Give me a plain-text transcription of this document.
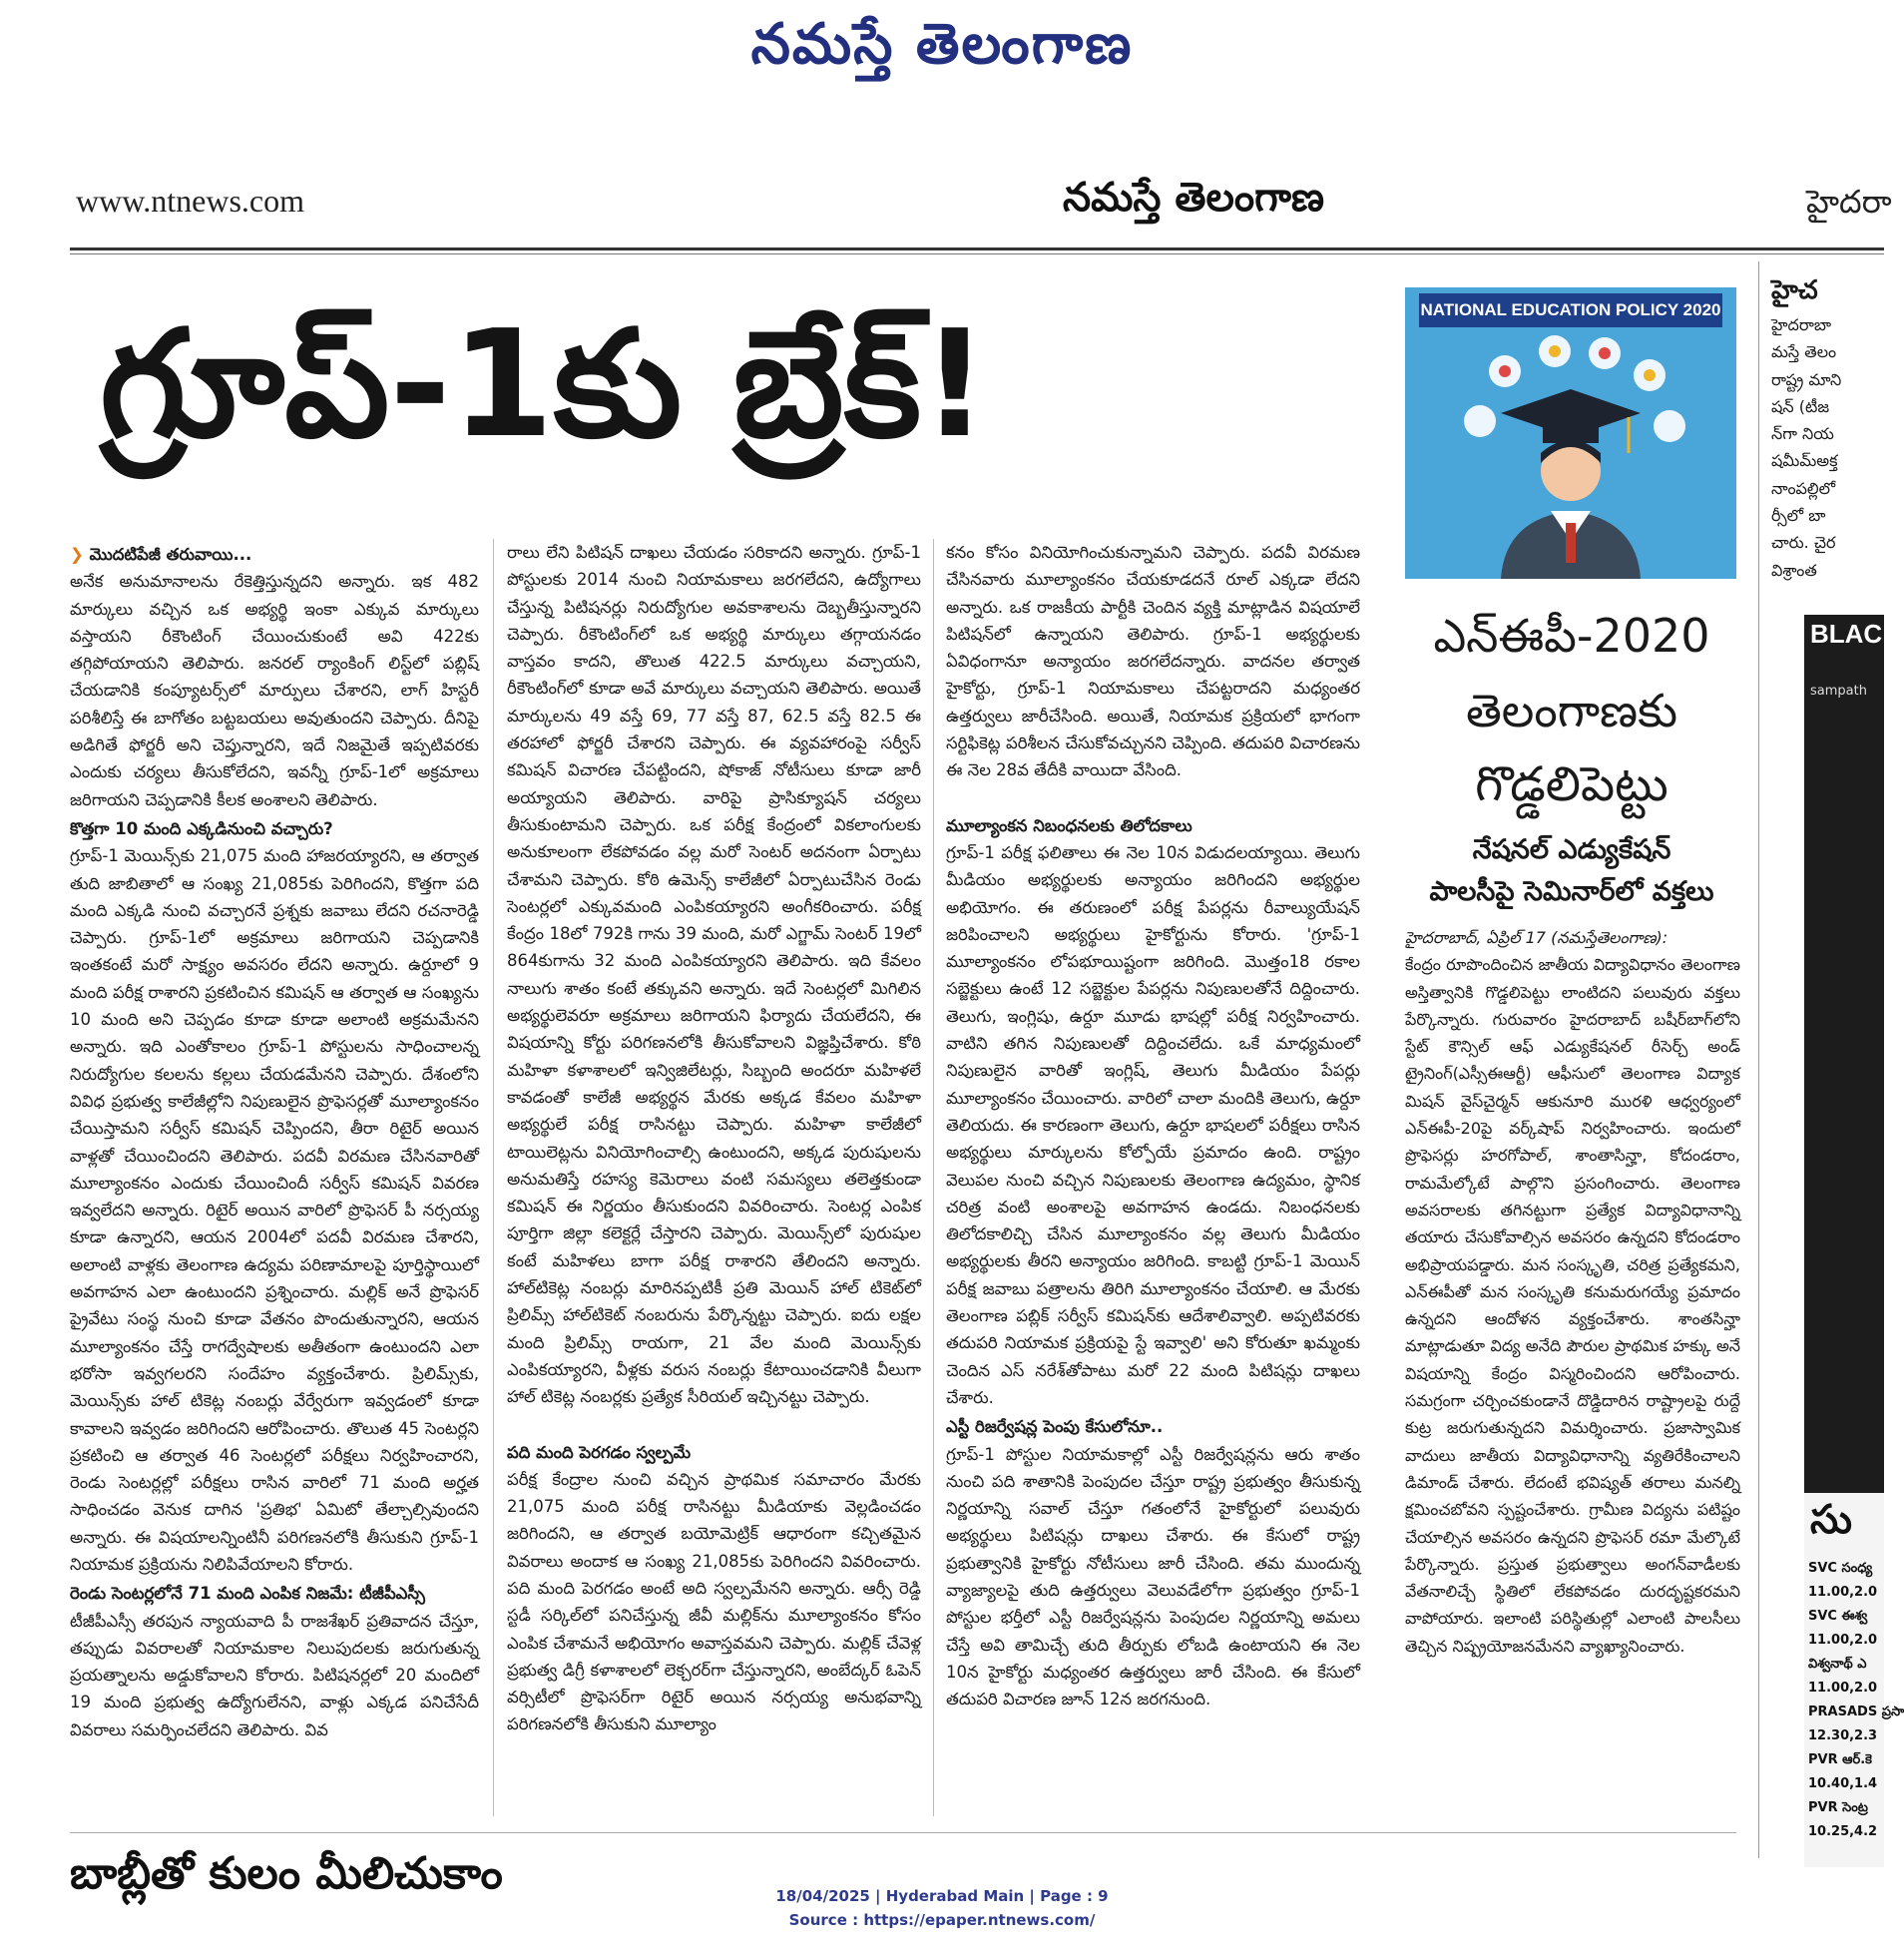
నమస్తే తెలంగాణ
www.ntnews.com	నమస్తే తెలంగాణ	హైదరా
గ్రూప్-1కు బ్రేక్!	NATIONAL EDUCATION POLICY 2020
ఎన్‌ఈపీ-2020
తెలంగాణకు
గొడ్డలిపెట్టు
నేషనల్ ఎడ్యుకేషన్
పాలసీపై సెమినార్‌లో వక్తలు

❯ మొదటిపేజీ తరువాయి...

అనేక అనుమానాలను రేకెత్తిస్తున్నదని అన్నారు. ఇక 482 మార్కులు వచ్చిన ఒక అభ్యర్థి ఇంకా ఎక్కువ మార్కులు వస్తాయని రీకౌంటింగ్ చేయించుకుంటే అవి 422కు తగ్గిపోయాయని తెలిపారు. జనరల్ ర్యాంకింగ్ లిస్ట్‌లో పబ్లిష్ చేయడానికి కంప్యూటర్స్‌లో మార్పులు చేశారని, లాగ్ హిస్టరీ పరిశీలిస్తే ఈ బాగోతం బట్టబయలు అవుతుందని చెప్పారు. దీనిపై అడిగితే ఫోర్జరీ అని చెప్తున్నారని, ఇదే నిజమైతే ఇప్పటివరకు ఎందుకు చర్యలు తీసుకోలేదని, ఇవన్నీ గ్రూప్-1లో అక్రమాలు జరిగాయని చెప్పడానికి కీలక అంశాలని తెలిపారు.

కొత్తగా 10 మంది ఎక్కడినుంచి వచ్చారు?

గ్రూప్-1 మెయిన్స్‌కు 21,075 మంది హాజరయ్యారని, ఆ తర్వాత తుది జాబితాలో ఆ సంఖ్య 21,085కు పెరిగిందని, కొత్తగా పది మంది ఎక్కడి నుంచి వచ్చారనే ప్రశ్నకు జవాబు లేదని రచనారెడ్డి చెప్పారు. గ్రూప్-1లో అక్రమాలు జరిగాయని చెప్పడానికి ఇంతకంటే మరో సాక్ష్యం అవసరం లేదని అన్నారు. ఉర్దూలో 9 మంది పరీక్ష రాశారని ప్రకటించిన కమిషన్ ఆ తర్వాత ఆ సంఖ్యను 10 మంది అని చెప్పడం కూడా కూడా అలాంటి అక్రమమేనని అన్నారు. ఇది ఎంతోకాలం గ్రూప్-1 పోస్టులను సాధించాలన్న నిరుద్యోగుల కలలను కల్లలు చేయడమేనని చెప్పారు. దేశంలోని వివిధ ప్రభుత్వ కాలేజీల్లోని నిపుణులైన ప్రొఫెసర్లతో మూల్యాంకనం చేయిస్తామని సర్వీస్ కమిషన్ చెప్పిందని, తీరా రిటైర్ అయిన వాళ్లతో చేయించిందని తెలిపారు. పదవీ విరమణ చేసినవారితో మూల్యాంకనం ఎందుకు చేయించిందీ సర్వీస్ కమిషన్ వివరణ ఇవ్వలేదని అన్నారు. రిటైర్ అయిన వారిలో ప్రొఫెసర్ పీ నర్సయ్య కూడా ఉన్నారని, ఆయన 2004లో పదవీ విరమణ చేశారని, అలాంటి వాళ్లకు తెలంగాణ ఉద్యమ పరిణామాలపై పూర్తిస్థాయిలో అవగాహన ఎలా ఉంటుందని ప్రశ్నించారు. మల్లిక్ అనే ప్రొఫెసర్ ప్రైవేటు సంస్థ నుంచి కూడా వేతనం పొందుతున్నారని, ఆయన మూల్యాంకనం చేస్తే రాగద్వేషాలకు అతీతంగా ఉంటుందని ఎలా భరోసా ఇవ్వగలరని సందేహం వ్యక్తంచేశారు. ప్రిలిమ్స్‌కు, మెయిన్స్‌కు హాల్ టికెట్ల నంబర్లు వేర్వేరుగా ఇవ్వడంలో కూడా కావాలని ఇవ్వడం జరిగిందని ఆరోపించారు. తొలుత 45 సెంటర్లని ప్రకటించి ఆ తర్వాత 46 సెంటర్లలో పరీక్షలు నిర్వహించారని, రెండు సెంటర్లల్లో పరీక్షలు రాసిన వారిలో 71 మంది అర్హత సాధించడం వెనుక దాగిన 'ప్రతిభ' ఏమిటో తేల్చాల్సివుందని అన్నారు. ఈ విషయాలన్నింటినీ పరిగణనలోకి తీసుకుని గ్రూప్-1 నియామక ప్రక్రియను నిలిపివేయాలని కోరారు.

రెండు సెంటర్లలోనే 71 మంది ఎంపిక నిజమే: టీజీపీఎస్సీ

టీజీపీఎస్సీ తరపున న్యాయవాది పీ రాజశేఖర్ ప్రతివాదన చేస్తూ, తప్పుడు వివరాలతో నియామకాల నిలుపుదలకు జరుగుతున్న ప్రయత్నాలను అడ్డుకోవాలని కోరారు. పిటిషనర్లలో 20 మందిలో 19 మంది ప్రభుత్వ ఉద్యోగులేనని, వాళ్లు ఎక్కడ పనిచేసేదీ వివరాలు సమర్పించలేదని తెలిపారు. వివ

రాలు లేని పిటిషన్ దాఖలు చేయడం సరికాదని అన్నారు. గ్రూప్-1 పోస్టులకు 2014 నుంచి నియామకాలు జరగలేదని, ఉద్యోగాలు చేస్తున్న పిటిషనర్లు నిరుద్యోగుల అవకాశాలను దెబ్బతీస్తున్నారని చెప్పారు. రీకౌంటింగ్‌లో ఒక అభ్యర్థి మార్కులు తగ్గాయనడం వాస్తవం కాదని, తొలుత 422.5 మార్కులు వచ్చాయని, రీకౌంటింగ్‌లో కూడా అవే మార్కులు వచ్చాయని తెలిపారు. అయితే మార్కులను 49 వస్తే 69, 77 వస్తే 87, 62.5 వస్తే 82.5 ఈ తరహాలో ఫోర్జరీ చేశారని చెప్పారు. ఈ వ్యవహారంపై సర్వీస్ కమిషన్ విచారణ చేపట్టిందని, షోకాజ్ నోటీసులు కూడా జారీ అయ్యాయని తెలిపారు. వారిపై ప్రాసిక్యూషన్ చర్యలు తీసుకుంటామని చెప్పారు. ఒక పరీక్ష కేంద్రంలో వికలాంగులకు అనుకూలంగా లేకపోవడం వల్ల మరో సెంటర్ అదనంగా ఏర్పాటు చేశామని చెప్పారు. కోఠి ఉమెన్స్ కాలేజీలో ఏర్పాటుచేసిన రెండు సెంటర్లలో ఎక్కువమంది ఎంపికయ్యారని అంగీకరించారు. పరీక్ష కేంద్రం 18లో 792కి గాను 39 మంది, మరో ఎగ్జామ్ సెంటర్ 19లో 864కుగాను 32 మంది ఎంపికయ్యారని తెలిపారు. ఇది కేవలం నాలుగు శాతం కంటే తక్కువని అన్నారు. ఇదే సెంటర్లలో మిగిలిన అభ్యర్థులెవరూ అక్రమాలు జరిగాయని ఫిర్యాదు చేయలేదని, ఈ విషయాన్ని కోర్టు పరిగణనలోకి తీసుకోవాలని విజ్ఞప్తిచేశారు. కోఠి మహిళా కళాశాలలో ఇన్విజిలేటర్లు, సిబ్బంది అందరూ మహిళలే కావడంతో కాలేజీ అభ్యర్థన మేరకు అక్కడ కేవలం మహిళా అభ్యర్థులే పరీక్ష రాసినట్టు చెప్పారు. మహిళా కాలేజీలో టాయిలెట్లను వినియోగించాల్సి ఉంటుందని, అక్కడ పురుషులను అనుమతిస్తే రహస్య కెమెరాలు వంటి సమస్యలు తలెత్తకుండా కమిషన్ ఈ నిర్ణయం తీసుకుందని వివరించారు. సెంటర్ల ఎంపిక పూర్తిగా జిల్లా కలెక్టర్లే చేస్తారని చెప్పారు. మెయిన్స్‌లో పురుషుల కంటే మహిళలు బాగా పరీక్ష రాశారని తేలిందని అన్నారు. హాల్‌టికెట్ల నంబర్లు మారినప్పటికీ ప్రతి మెయిన్ హాల్ టికెట్‌లో ప్రిలిమ్స్ హాల్‌టికెట్ నంబరును పేర్కొన్నట్టు చెప్పారు. ఐదు లక్షల మంది ప్రిలిమ్స్ రాయగా, 21 వేల మంది మెయిన్స్‌కు ఎంపికయ్యారని, వీళ్లకు వరుస నంబర్లు కేటాయించడానికి వీలుగా హాల్ టికెట్ల నంబర్లకు ప్రత్యేక సీరియల్ ఇచ్చినట్టు చెప్పారు.

పది మంది పెరగడం స్వల్పమే

పరీక్ష కేంద్రాల నుంచి వచ్చిన ప్రాథమిక సమాచారం మేరకు 21,075 మంది పరీక్ష రాసినట్టు మీడియాకు వెల్లడించడం జరిగిందని, ఆ తర్వాత బయోమెట్రిక్ ఆధారంగా కచ్చితమైన వివరాలు అందాక ఆ సంఖ్య 21,085కు పెరిగిందని వివరించారు. పది మంది పెరగడం అంటే అది స్వల్పమేనని అన్నారు. ఆర్సీ రెడ్డి స్టడీ సర్కిల్‌లో పనిచేస్తున్న జీవీ మల్లిక్‌ను మూల్యాంకనం కోసం ఎంపిక చేశామనే అభియోగం అవాస్తవమని చెప్పారు. మల్లిక్ చేవెళ్ల ప్రభుత్వ డిగ్రీ కళాశాలలో లెక్చరర్‌గా చేస్తున్నారని, అంబేద్కర్ ఓపెన్ వర్సిటీలో ప్రొఫెసర్‌గా రిటైర్ అయిన నర్సయ్య అనుభవాన్ని పరిగణనలోకి తీసుకుని మూల్యాం

కనం కోసం వినియోగించుకున్నామని చెప్పారు. పదవీ విరమణ చేసినవారు మూల్యాంకనం చేయకూడదనే రూల్ ఎక్కడా లేదని అన్నారు. ఒక రాజకీయ పార్టీకి చెందిన వ్యక్తి మాట్లాడిన విషయాలే పిటిషన్‌లో ఉన్నాయని తెలిపారు. గ్రూప్-1 అభ్యర్థులకు ఏవిధంగానూ అన్యాయం జరగలేదన్నారు. వాదనల తర్వాత హైకోర్టు, గ్రూప్-1 నియామకాలు చేపట్టరాదని మధ్యంతర ఉత్తర్వులు జారీచేసింది. అయితే, నియామక ప్రక్రియలో భాగంగా సర్టిఫికెట్ల పరిశీలన చేసుకోవచ్చునని చెప్పింది. తదుపరి విచారణను ఈ నెల 28వ తేదీకి వాయిదా వేసింది.

మూల్యాంకన నిబంధనలకు తిలోదకాలు

గ్రూప్-1 పరీక్ష ఫలితాలు ఈ నెల 10న విడుదలయ్యాయి. తెలుగు మీడియం అభ్యర్థులకు అన్యాయం జరిగిందని అభ్యర్థుల అభియోగం. ఈ తరుణంలో పరీక్ష పేపర్లను రీవాల్యుయేషన్ జరిపించాలని అభ్యర్థులు హైకోర్టును కోరారు. 'గ్రూప్-1 మూల్యాంకనం లోపభూయిష్టంగా జరిగింది. మొత్తం18 రకాల సబ్జెక్టులు ఉంటే 12 సబ్జెక్టుల పేపర్లను నిపుణులతోనే దిద్దించారు. తెలుగు, ఇంగ్లిషు, ఉర్దూ మూడు భాషల్లో పరీక్ష నిర్వహించారు. వాటిని తగిన నిపుణులతో దిద్దించలేదు. ఒకే మాధ్యమంలో నిపుణులైన వారితో ఇంగ్లిష్, తెలుగు మీడియం పేపర్లు మూల్యాంకనం చేయించారు. వారిలో చాలా మందికి తెలుగు, ఉర్దూ తెలియదు. ఈ కారణంగా తెలుగు, ఉర్దూ భాషలలో పరీక్షలు రాసిన అభ్యర్థులు మార్కులను కోల్పోయే ప్రమాదం ఉంది. రాష్ట్రం వెలుపల నుంచి వచ్చిన నిపుణులకు తెలంగాణ ఉద్యమం, స్థానిక చరిత్ర వంటి అంశాలపై అవగాహన ఉండదు. నిబంధనలకు తిలోదకాలిచ్చి చేసిన మూల్యాంకనం వల్ల తెలుగు మీడియం అభ్యర్థులకు తీరని అన్యాయం జరిగింది. కాబట్టి గ్రూప్-1 మెయిన్ పరీక్ష జవాబు పత్రాలను తిరిగి మూల్యాంకనం చేయాలి. ఆ మేరకు తెలంగాణ పబ్లిక్ సర్వీస్ కమిషన్‌కు ఆదేశాలివ్వాలి. అప్పటివరకు తదుపరి నియామక ప్రక్రియపై స్టే ఇవ్వాలి' అని కోరుతూ ఖమ్మంకు చెందిన ఎస్ నరేశ్‌తోపాటు మరో 22 మంది పిటిషన్లు దాఖలు చేశారు.

ఎస్టీ రిజర్వేషన్ల పెంపు కేసులోనూ..

గ్రూప్-1 పోస్టుల నియామకాల్లో ఎస్టీ రిజర్వేషన్లను ఆరు శాతం నుంచి పది శాతానికి పెంపుదల చేస్తూ రాష్ట్ర ప్రభుత్వం తీసుకున్న నిర్ణయాన్ని సవాల్ చేస్తూ గతంలోనే హైకోర్టులో పలువురు అభ్యర్థులు పిటిషన్లు దాఖలు చేశారు. ఈ కేసులో రాష్ట్ర ప్రభుత్వానికి హైకోర్టు నోటీసులు జారీ చేసింది. తమ ముందున్న వ్యాజ్యాలపై తుది ఉత్తర్వులు వెలువడేలోగా ప్రభుత్వం గ్రూప్-1 పోస్టుల భర్తీలో ఎస్టీ రిజర్వేషన్లను పెంపుదల నిర్ణయాన్ని అమలు చేస్తే అవి తామిచ్చే తుది తీర్పుకు లోబడి ఉంటాయని ఈ నెల 10న హైకోర్టు మధ్యంతర ఉత్తర్వులు జారీ చేసింది. ఈ కేసులో తదుపరి విచారణ జూన్ 12న జరగనుంది.

హైదరాబాద్, ఏప్రిల్ 17 (నమస్తేతెలంగాణ):

కేంద్రం రూపొందించిన జాతీయ విద్యావిధానం తెలంగాణ అస్తిత్వానికి గొడ్డలిపెట్టు లాంటిదని పలువురు వక్తలు పేర్కొన్నారు. గురువారం హైదరాబాద్ బషీర్‌బాగ్‌లోని స్టేట్ కౌన్సిల్ ఆఫ్ ఎడ్యుకేషనల్ రీసెర్చ్ అండ్ ట్రైనింగ్(ఎస్సీఈఆర్టీ) ఆఫీసులో తెలంగాణ విద్యాక మిషన్ వైస్‌చైర్మన్ ఆకునూరి మురళి ఆధ్వర్యంలో ఎన్ఈపీ-20పై వర్క్‌షాప్ నిర్వహించారు. ఇందులో ప్రొఫెసర్లు హరగోపాల్, శాంతాసిన్హా, కోదండరాం, రామమేల్కోటే పాల్గొని ప్రసంగించారు. తెలంగాణ అవసరాలకు తగినట్టుగా ప్రత్యేక విద్యావిధానాన్ని తయారు చేసుకోవాల్సిన అవసరం ఉన్నదని కోదండరాం అభిప్రాయపడ్డారు. మన సంస్కృతి, చరిత్ర ప్రత్యేకమని, ఎన్ఈపీతో మన సంస్కృతి కనుమరుగయ్యే ప్రమాదం ఉన్నదని ఆందోళన వ్యక్తంచేశారు. శాంతసిన్హా మాట్లాడుతూ విద్య అనేది పౌరుల ప్రాథమిక హక్కు అనే విషయాన్ని కేంద్రం విస్మరించిందని ఆరోపించారు. సమగ్రంగా చర్చించకుండానే దొడ్డిదారిన రాష్ట్రాలపై రుద్దే కుట్ర జరుగుతున్నదని విమర్శించారు. ప్రజాస్వామిక వాదులు జాతీయ విద్యావిధానాన్ని వ్యతిరేకించాలని డిమాండ్ చేశారు. లేదంటే భవిష్యత్ తరాలు మనల్ని క్షమించబోవని స్పష్టంచేశారు. గ్రామీణ విద్యను పటిష్టం చేయాల్సిన అవసరం ఉన్నదని ప్రొఫెసర్ రమా మేల్కొటే పేర్కొన్నారు. ప్రస్తుత ప్రభుత్వాలు అంగన్‌వాడీలకు వేతనాలిచ్చే స్థితిలో లేకపోవడం దురదృష్టకరమని వాపోయారు. ఇలాంటి పరిస్థితుల్లో ఎలాంటి పాలసీలు తెచ్చిన నిష్ప్రయోజనమేనని వ్యాఖ్యానించారు.

హైచ
హైదరాబా
మస్తే తెలం
రాష్ట్ర మాని
షన్ (టీజ
న్‌గా నియ
షమీమ్‌అక్త
నాంపల్లిలో
ర్సీలో బా
చారు. చైర
విశ్రాంత
BLACK
sampath
సు
SVC సంధ్య
11.00,2.0
SVC ఈశ్వ
11.00,2.0
విశ్వనాథ్ ఎ
11.00,2.0
PRASADS ప్రసా
12.30,2.3
PVR ఆర్.కె
10.40,1.4
PVR సెంట్ర
10.25,4.2
బాబ్లీతో కులం మీలిచుకాం	18/04/2025 | Hyderabad Main | Page : 9
Source : https://epaper.ntnews.com/
